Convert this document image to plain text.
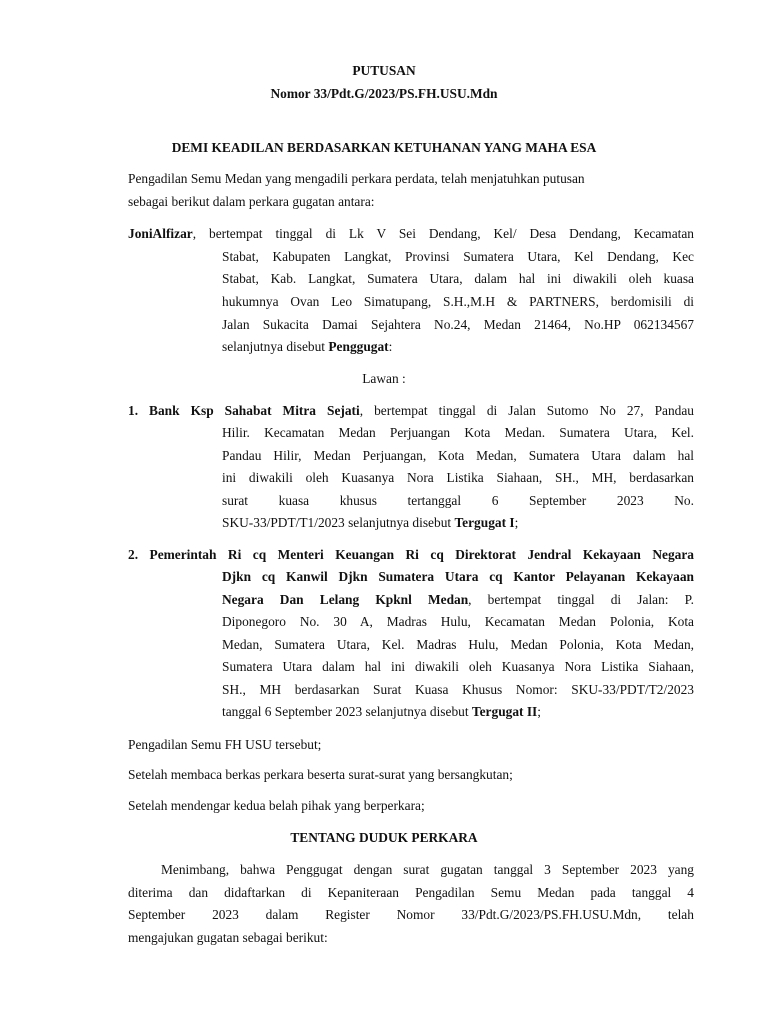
PUTUSAN
Nomor 33/Pdt.G/2023/PS.FH.USU.Mdn
DEMI KEADILAN BERDASARKAN KETUHANAN YANG MAHA ESA
Pengadilan Semu Medan yang mengadili perkara perdata, telah menjatuhkan putusan
sebagai berikut dalam perkara gugatan antara:
JoniAlfizar, bertempat tinggal di Lk V Sei Dendang, Kel/ Desa Dendang, Kecamatan
Stabat, Kabupaten Langkat, Provinsi Sumatera Utara, Kel Dendang, Kec
Stabat, Kab. Langkat, Sumatera Utara, dalam hal ini diwakili oleh kuasa
hukumnya Ovan Leo Simatupang, S.H.,M.H & PARTNERS, berdomisili di
Jalan Sukacita Damai Sejahtera No.24, Medan 21464, No.HP 062134567
selanjutnya disebut Penggugat:
Lawan :
1. Bank Ksp Sahabat Mitra Sejati, bertempat tinggal di Jalan Sutomo No 27, Pandau
Hilir. Kecamatan Medan Perjuangan Kota Medan. Sumatera Utara, Kel.
Pandau Hilir, Medan Perjuangan, Kota Medan, Sumatera Utara dalam hal
ini diwakili oleh Kuasanya Nora Listika Siahaan, SH., MH, berdasarkan
surat kuasa khusus tertanggal 6 September 2023 No.
SKU-33/PDT/T1/2023 selanjutnya disebut Tergugat I;
2. Pemerintah Ri cq Menteri Keuangan Ri cq Direktorat Jendral Kekayaan Negara
Djkn cq Kanwil Djkn Sumatera Utara cq Kantor Pelayanan Kekayaan
Negara Dan Lelang Kpknl Medan, bertempat tinggal di Jalan: P.
Diponegoro No. 30 A, Madras Hulu, Kecamatan Medan Polonia, Kota
Medan, Sumatera Utara, Kel. Madras Hulu, Medan Polonia, Kota Medan,
Sumatera Utara dalam hal ini diwakili oleh Kuasanya Nora Listika Siahaan,
SH., MH berdasarkan Surat Kuasa Khusus Nomor: SKU-33/PDT/T2/2023
tanggal 6 September 2023 selanjutnya disebut Tergugat II;
Pengadilan Semu FH USU tersebut;
Setelah membaca berkas perkara beserta surat-surat yang bersangkutan;
Setelah mendengar kedua belah pihak yang berperkara;
TENTANG DUDUK PERKARA
Menimbang, bahwa Penggugat dengan surat gugatan tanggal 3 September 2023 yang
diterima dan didaftarkan di Kepaniteraan Pengadilan Semu Medan pada tanggal 4
September 2023 dalam Register Nomor 33/Pdt.G/2023/PS.FH.USU.Mdn, telah
mengajukan gugatan sebagai berikut:
